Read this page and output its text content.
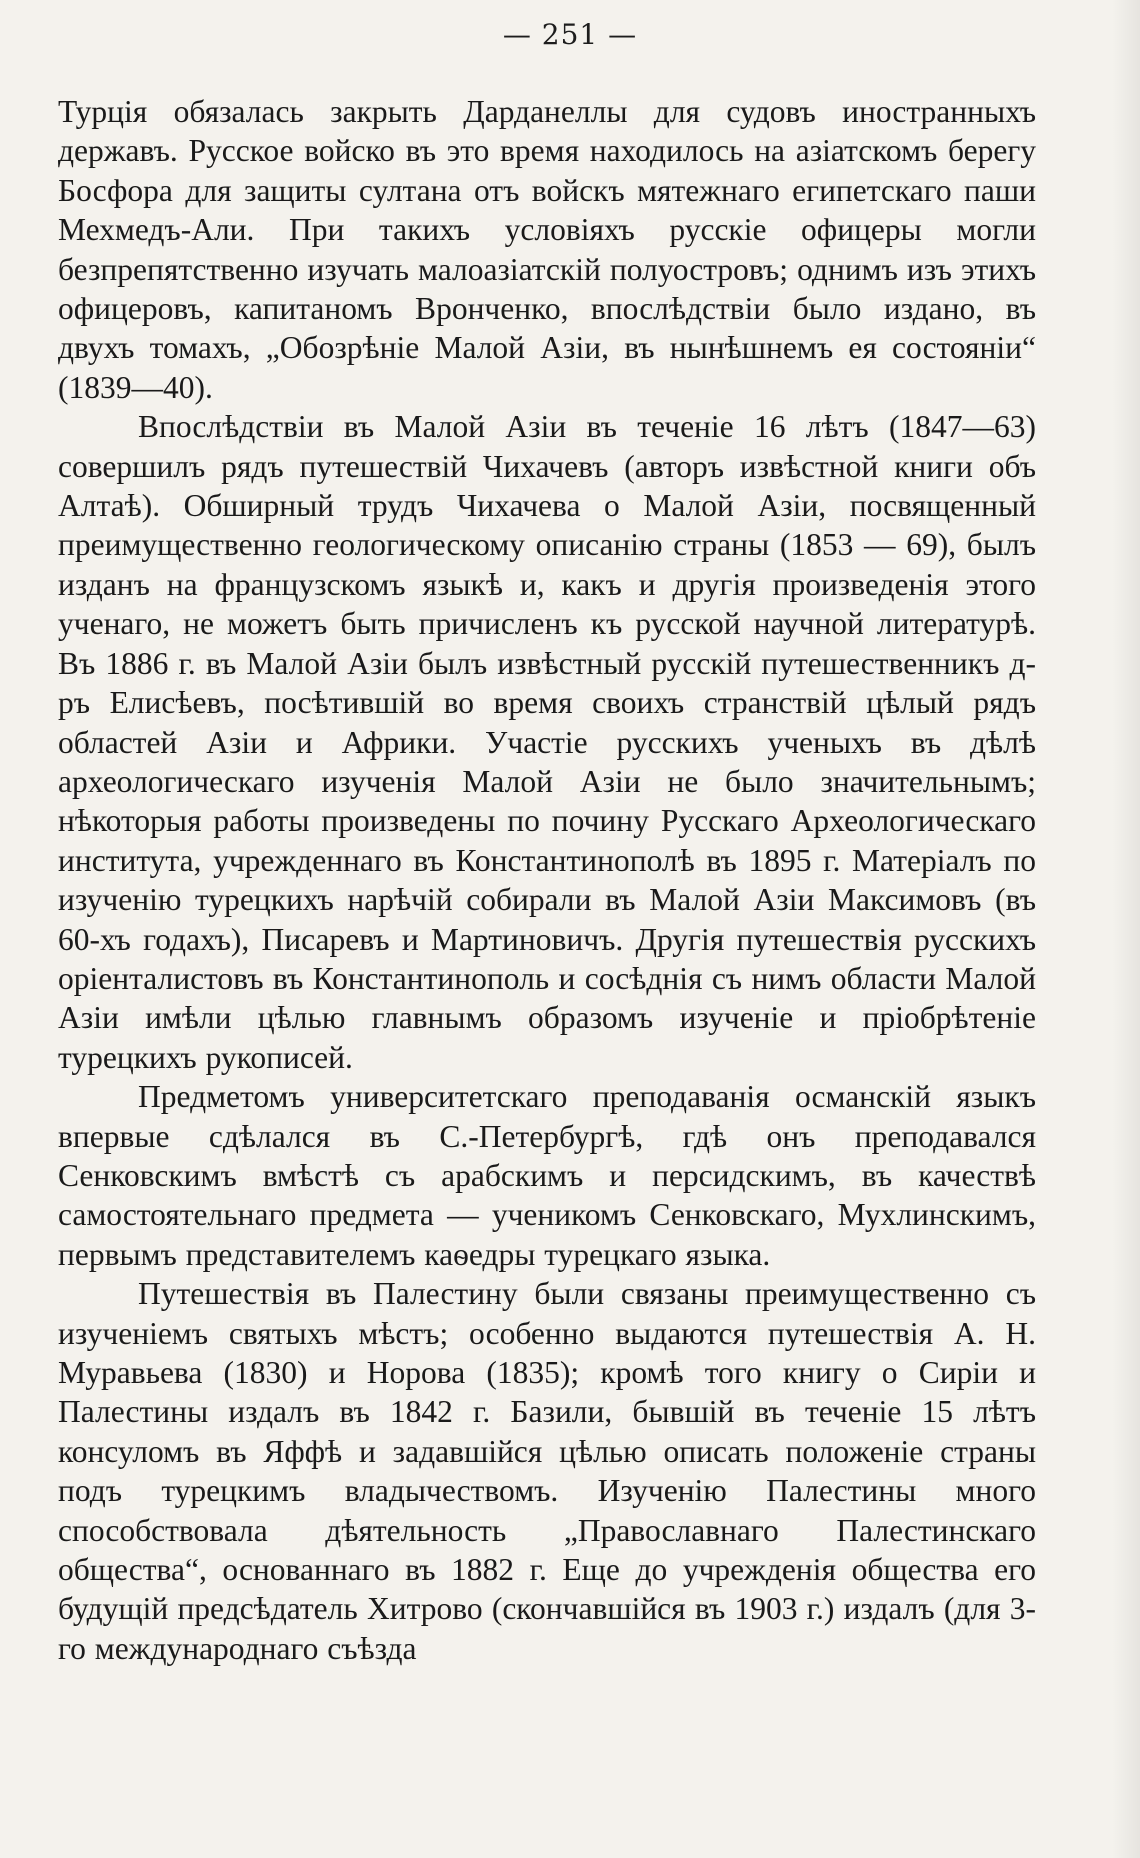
— 251 —

Турція обязалась закрыть Дарданеллы для судовъ иностранныхъ державъ. Русское войско въ это время находилось на азіатскомъ берегу Босфора для защиты султана отъ войскъ мятежнаго египетскаго паши Мехмедъ-Али. При такихъ условіяхъ русскіе офицеры могли безпрепятственно изучать малоазіатскій полуостровъ; однимъ изъ этихъ офицеровъ, капитаномъ Вронченко, впослѣдствіи было издано, въ двухъ томахъ, „Обозрѣніе Малой Азіи, въ нынѣшнемъ ея состояніи“ (1839—40).

Впослѣдствіи въ Малой Азіи въ теченіе 16 лѣтъ (1847—63) совершилъ рядъ путешествій Чихачевъ (авторъ извѣстной книги объ Алтаѣ). Обширный трудъ Чихачева о Малой Азіи, посвященный преимущественно геологическому описанію страны (1853 — 69), былъ изданъ на французскомъ языкѣ и, какъ и другія произведенія этого ученаго, не можетъ быть причисленъ къ русской научной литературѣ. Въ 1886 г. въ Малой Азіи былъ извѣстный русскій путешественникъ д-ръ Елисѣевъ, посѣтившій во время своихъ странствій цѣлый рядъ областей Азіи и Африки. Участіе русскихъ ученыхъ въ дѣлѣ археологическаго изученія Малой Азіи не было значительнымъ; нѣкоторыя работы произведены по почину Русскаго Археологическаго института, учрежденнаго въ Константинополѣ въ 1895 г. Матеріалъ по изученію турецкихъ нарѣчій собирали въ Малой Азіи Максимовъ (въ 60-хъ годахъ), Писаревъ и Мартиновичъ. Другія путешествія русскихъ оріенталистовъ въ Константинополь и сосѣднія съ нимъ области Малой Азіи имѣли цѣлью главнымъ образомъ изученіе и пріобрѣтеніе турецкихъ рукописей.

Предметомъ университетскаго преподаванія османскій языкъ впервые сдѣлался въ С.-Петербургѣ, гдѣ онъ преподавался Сенковскимъ вмѣстѣ съ арабскимъ и персидскимъ, въ качествѣ самостоятельнаго предмета — ученикомъ Сенковскаго, Мухлинскимъ, первымъ представителемъ каѳедры турецкаго языка.

Путешествія въ Палестину были связаны преимущественно съ изученіемъ святыхъ мѣстъ; особенно выдаются путешествія А. Н. Муравьева (1830) и Норова (1835); кромѣ того книгу о Сиріи и Палестины издалъ въ 1842 г. Базили, бывшій въ теченіе 15 лѣтъ консуломъ въ Яффѣ и задавшійся цѣлью описать положеніе страны подъ турецкимъ владычествомъ. Изученію Палестины много способствовала дѣятельность „Православнаго Палестинскаго общества“, основаннаго въ 1882 г. Еще до учрежденія общества его будущій предсѣдатель Хитрово (скончавшійся въ 1903 г.) издалъ (для 3-го международнаго съѣзда
